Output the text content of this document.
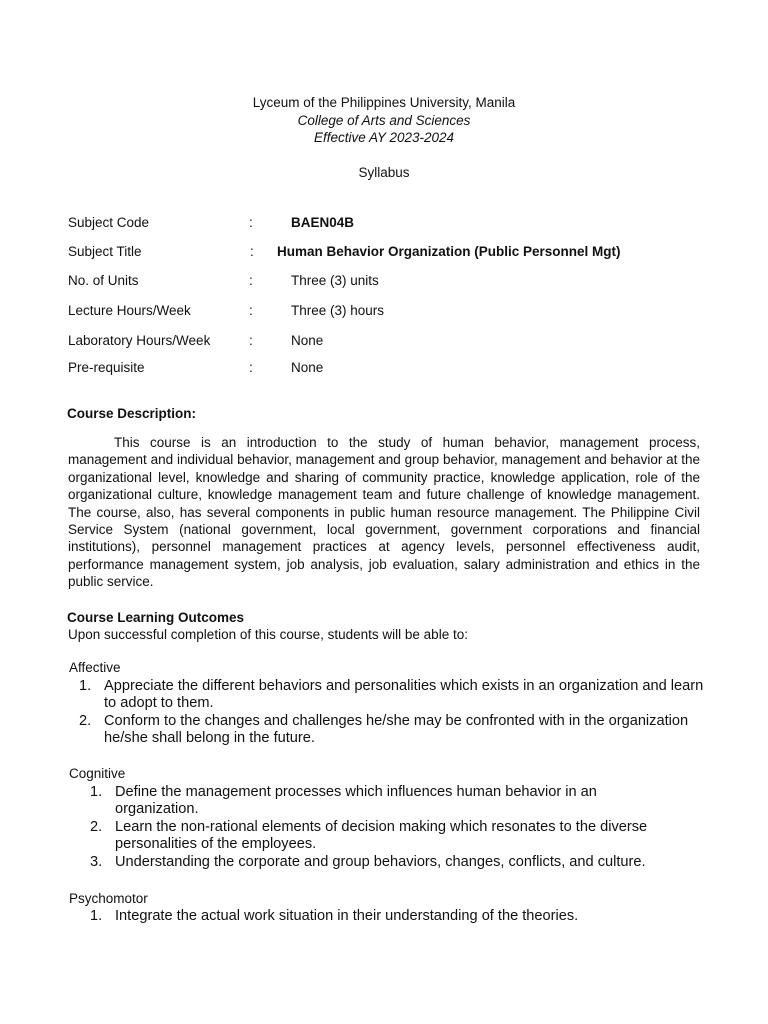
Lyceum of the Philippines University, Manila
College of Arts and Sciences
Effective AY 2023-2024
Syllabus
Subject Code	:	BAEN04B
Subject Title	: Human Behavior Organization (Public Personnel Mgt)
No. of Units	:	Three (3) units
Lecture Hours/Week	:	Three (3) hours
Laboratory Hours/Week	:	None
Pre-requisite	:	None
Course Description:
This course is an introduction to the study of human behavior, management process, management and individual behavior, management and group behavior, management and behavior at the organizational level, knowledge and sharing of community practice, knowledge application, role of the organizational culture, knowledge management team and future challenge of knowledge management. The course, also, has several components in public human resource management. The Philippine Civil Service System (national government, local government, government corporations and financial institutions), personnel management practices at agency levels, personnel effectiveness audit, performance management system, job analysis, job evaluation, salary administration and ethics in the public service.
Course Learning Outcomes
Upon successful completion of this course, students will be able to:
Affective
1. Appreciate the different behaviors and personalities which exists in an organization and learn to adopt to them.
2. Conform to the changes and challenges he/she may be confronted with in the organization he/she shall belong in the future.
Cognitive
1. Define the management processes which influences human behavior in an organization.
2. Learn the non-rational elements of decision making which resonates to the diverse personalities of the employees.
3. Understanding the corporate and group behaviors, changes, conflicts, and culture.
Psychomotor
1. Integrate the actual work situation in their understanding of the theories.
